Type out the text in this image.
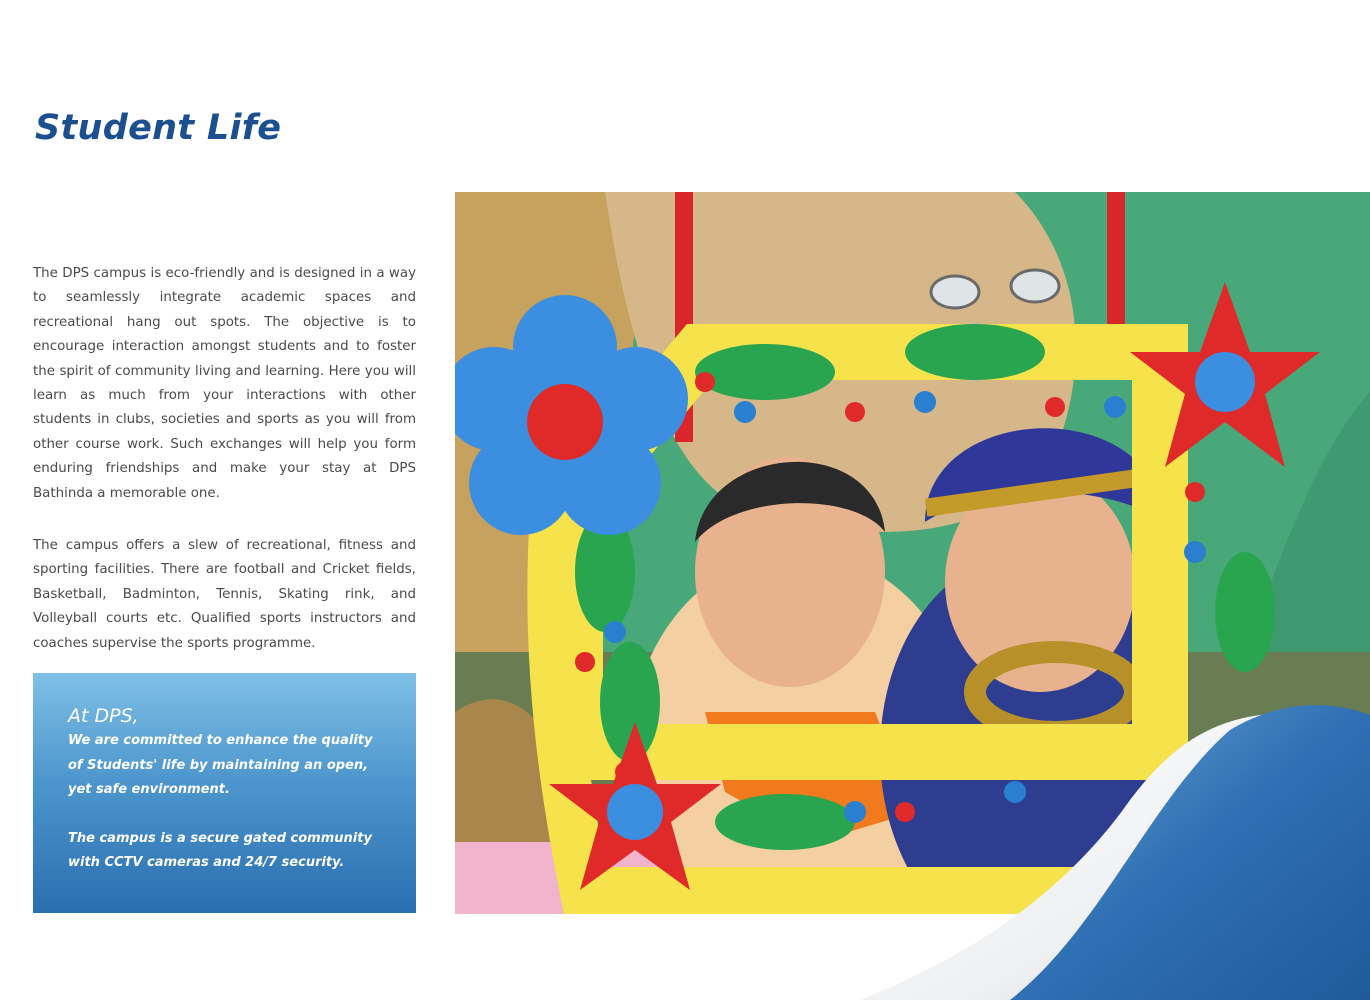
Student Life

The DPS campus is eco-friendly and is designed in a way to seamlessly integrate academic spaces and recreational hang out spots. The objective is to encourage interaction amongst students and to foster the spirit of community living and learning. Here you will learn as much from your interactions with other students in clubs, societies and sports as you will from other course work. Such exchanges will help you form enduring friendships and make your stay at DPS Bathinda a memorable one.

The campus offers a slew of recreational, fitness and sporting facilities. There are football and Cricket fields, Basketball, Badminton, Tennis, Skating rink, and Volleyball courts etc. Qualified sports instructors and coaches supervise the sports programme.

At DPS,

We are committed to enhance the quality of Students' life by maintaining an open, yet safe environment.

The campus is a secure gated community with CCTV cameras and 24/7 security.
